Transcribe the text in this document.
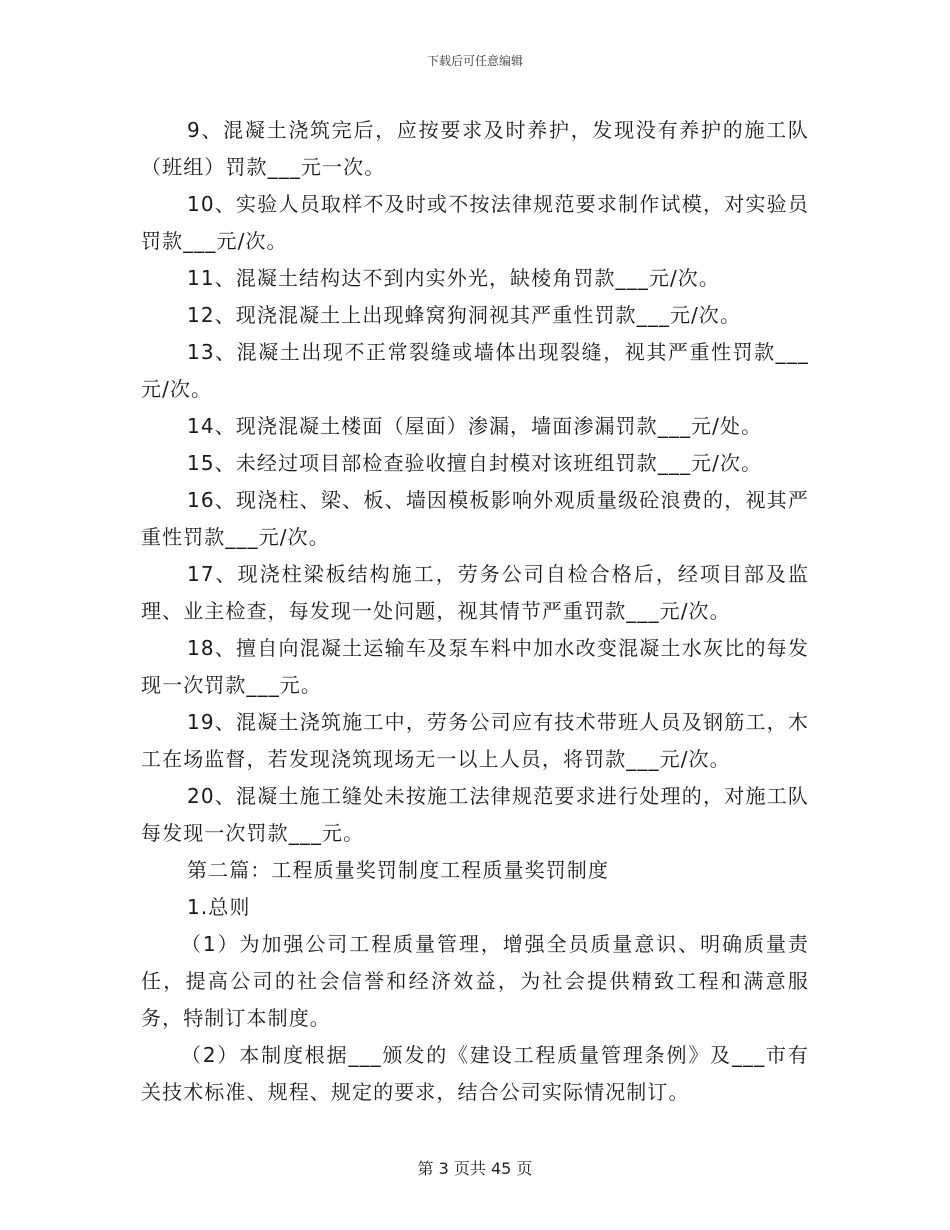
下载后可任意编辑

9、混凝土浇筑完后，应按要求及时养护，发现没有养护的施工队（班组）罚款___元一次。

10、实验人员取样不及时或不按法律规范要求制作试模，对实验员罚款___元/次。

11、混凝土结构达不到内实外光，缺棱角罚款___元/次。

12、现浇混凝土上出现蜂窝狗洞视其严重性罚款___元/次。

13、混凝土出现不正常裂缝或墙体出现裂缝，视其严重性罚款___元/次。

14、现浇混凝土楼面（屋面）渗漏，墙面渗漏罚款___元/处。

15、未经过项目部检查验收擅自封模对该班组罚款___元/次。

16、现浇柱、梁、板、墙因模板影响外观质量级砼浪费的，视其严重性罚款___元/次。

17、现浇柱梁板结构施工，劳务公司自检合格后，经项目部及监理、业主检查，每发现一处问题，视其情节严重罚款___元/次。

18、擅自向混凝土运输车及泵车料中加水改变混凝土水灰比的每发现一次罚款___元。

19、混凝土浇筑施工中，劳务公司应有技术带班人员及钢筋工，木工在场监督，若发现浇筑现场无一以上人员，将罚款___元/次。

20、混凝土施工缝处未按施工法律规范要求进行处理的，对施工队每发现一次罚款___元。

第二篇：工程质量奖罚制度工程质量奖罚制度

1.总则

（1）为加强公司工程质量管理，增强全员质量意识、明确质量责任，提高公司的社会信誉和经济效益，为社会提供精致工程和满意服务，特制订本制度。

（2）本制度根据___颁发的《建设工程质量管理条例》及___市有关技术标准、规程、规定的要求，结合公司实际情况制订。

第 3 页共 45 页
